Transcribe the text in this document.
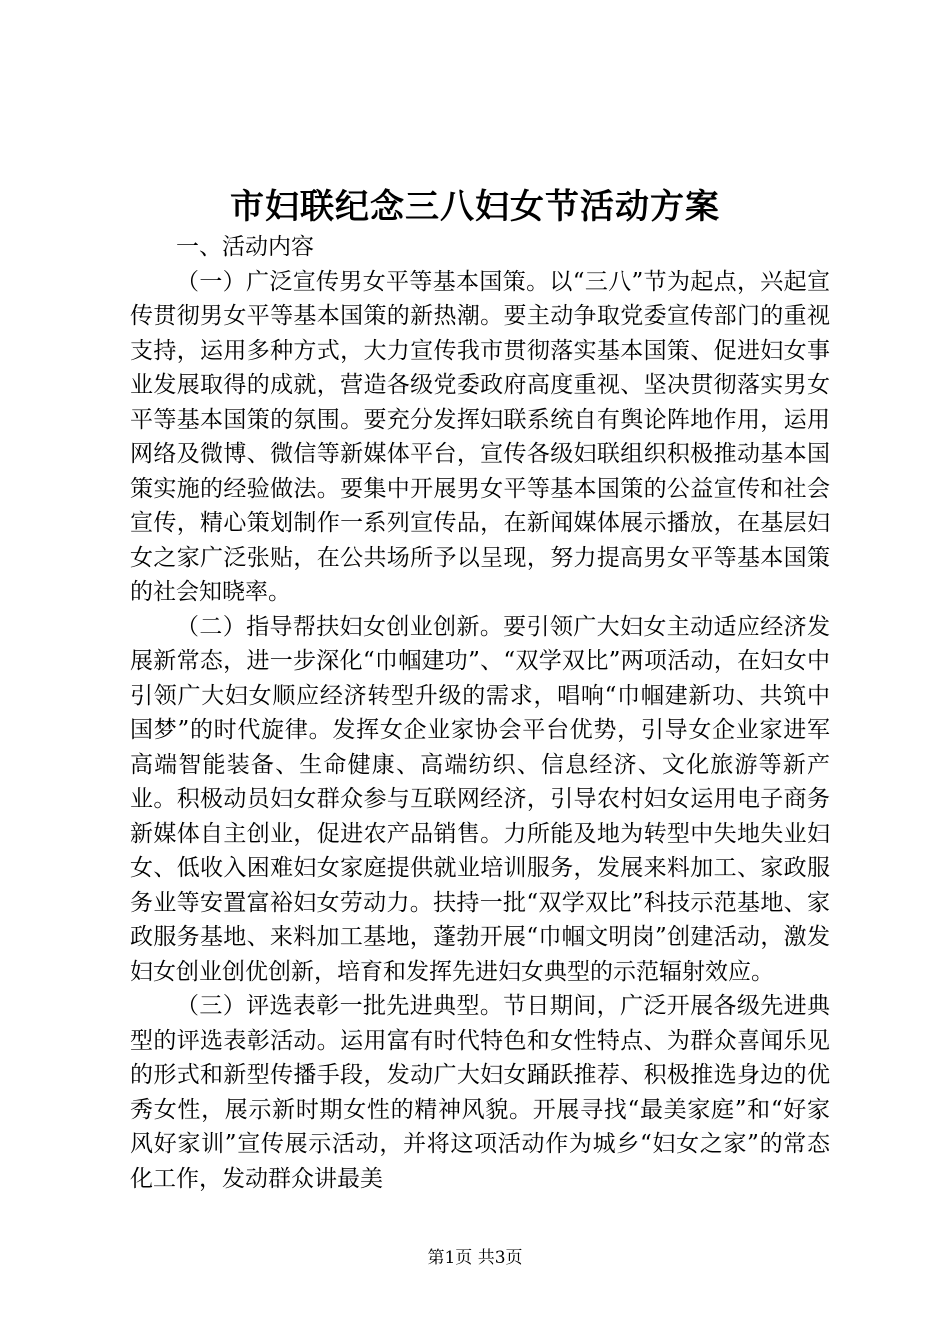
市妇联纪念三八妇女节活动方案

一、活动内容

（一）广泛宣传男女平等基本国策。以“三八”节为起点，兴起宣传贯彻男女平等基本国策的新热潮。要主动争取党委宣传部门的重视支持，运用多种方式，大力宣传我市贯彻落实基本国策、促进妇女事业发展取得的成就，营造各级党委政府高度重视、坚决贯彻落实男女平等基本国策的氛围。要充分发挥妇联系统自有舆论阵地作用，运用网络及微博、微信等新媒体平台，宣传各级妇联组织积极推动基本国策实施的经验做法。要集中开展男女平等基本国策的公益宣传和社会宣传，精心策划制作一系列宣传品，在新闻媒体展示播放，在基层妇女之家广泛张贴，在公共场所予以呈现，努力提高男女平等基本国策的社会知晓率。

（二）指导帮扶妇女创业创新。要引领广大妇女主动适应经济发展新常态，进一步深化“巾帼建功”、“双学双比”两项活动，在妇女中引领广大妇女顺应经济转型升级的需求，唱响“巾帼建新功、共筑中国梦”的时代旋律。发挥女企业家协会平台优势，引导女企业家进军高端智能装备、生命健康、高端纺织、信息经济、文化旅游等新产业。积极动员妇女群众参与互联网经济，引导农村妇女运用电子商务新媒体自主创业，促进农产品销售。力所能及地为转型中失地失业妇女、低收入困难妇女家庭提供就业培训服务，发展来料加工、家政服务业等安置富裕妇女劳动力。扶持一批“双学双比”科技示范基地、家政服务基地、来料加工基地，蓬勃开展“巾帼文明岗”创建活动，激发妇女创业创优创新，培育和发挥先进妇女典型的示范辐射效应。

（三）评选表彰一批先进典型。节日期间，广泛开展各级先进典型的评选表彰活动。运用富有时代特色和女性特点、为群众喜闻乐见的形式和新型传播手段，发动广大妇女踊跃推荐、积极推选身边的优秀女性，展示新时期女性的精神风貌。开展寻找“最美家庭”和“好家风好家训”宣传展示活动，并将这项活动作为城乡“妇女之家”的常态化工作，发动群众讲最美

第1页 共3页
